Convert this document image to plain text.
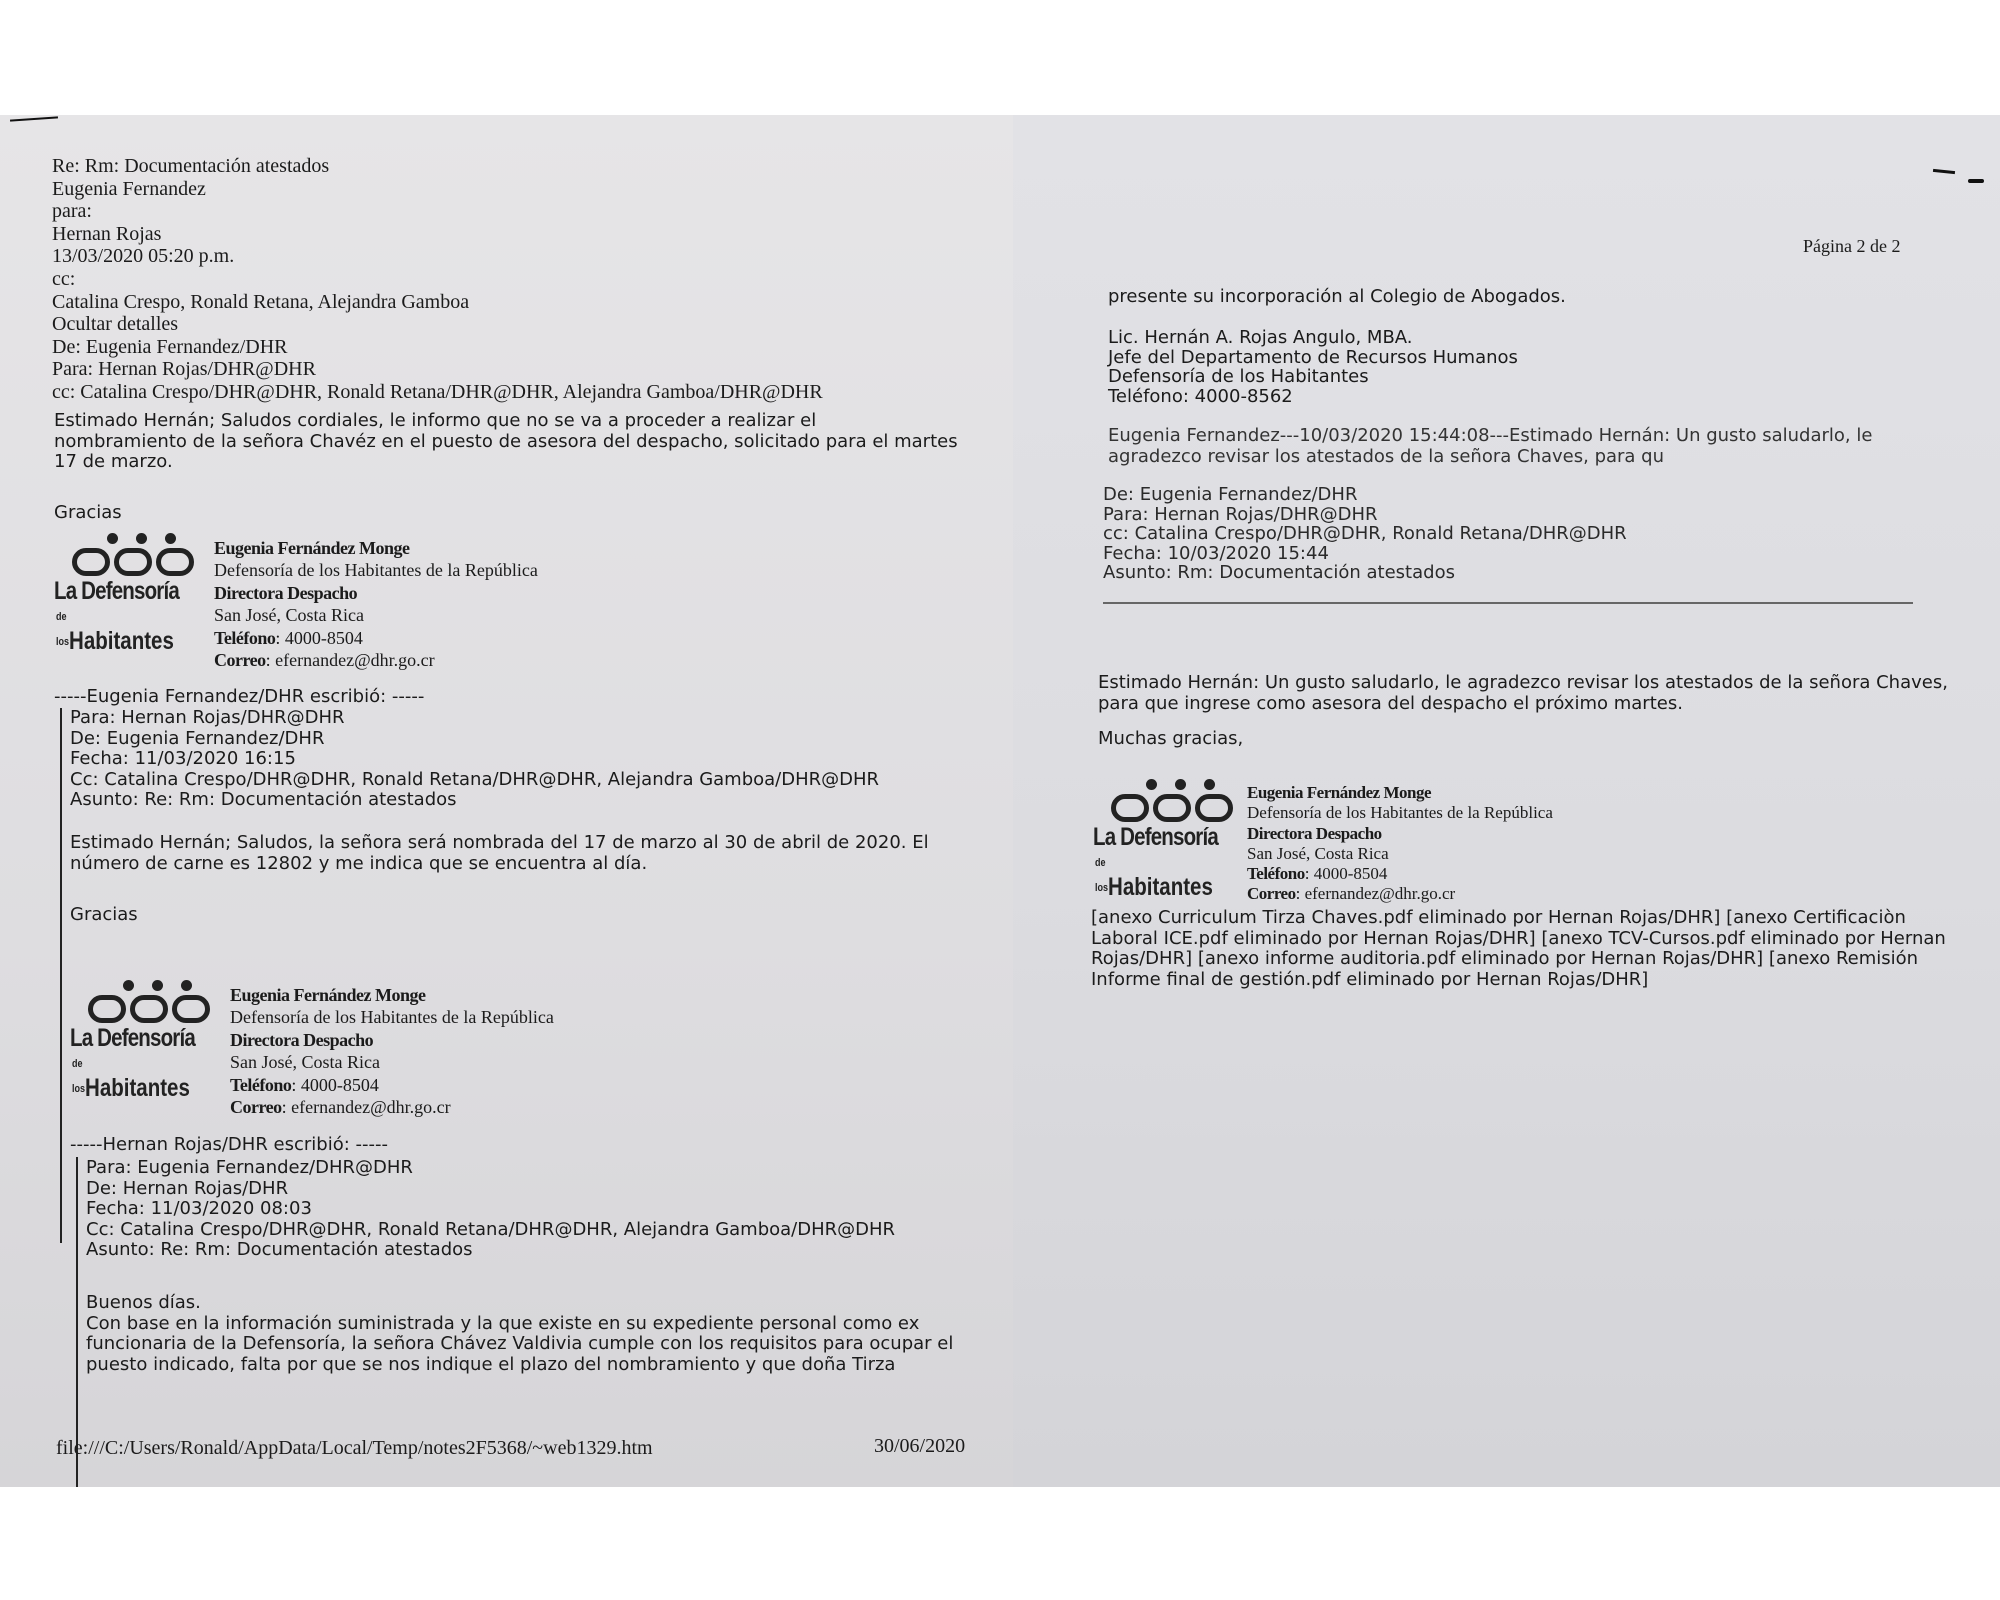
Re: Rm: Documentación atestados
Eugenia Fernandez
para:
Hernan Rojas
13/03/2020 05:20 p.m.
cc:
Catalina Crespo, Ronald Retana, Alejandra Gamboa
Ocultar detalles
De: Eugenia Fernandez/DHR
Para: Hernan Rojas/DHR@DHR
cc: Catalina Crespo/DHR@DHR, Ronald Retana/DHR@DHR, Alejandra Gamboa/DHR@DHR
Estimado Hernán; Saludos cordiales, le informo que no se va a proceder a realizar el
nombramiento de la señora Chavéz en el puesto de asesora del despacho, solicitado para el martes
17 de marzo.
Gracias
La Defensoría
de losHabitantes
Eugenia Fernández Monge
Defensoría de los Habitantes de la República
Directora Despacho
San José, Costa Rica
Teléfono: 4000-8504
Correo: efernandez@dhr.go.cr
-----Eugenia Fernandez/DHR escribió: -----
Para: Hernan Rojas/DHR@DHR
De: Eugenia Fernandez/DHR
Fecha: 11/03/2020 16:15
Cc: Catalina Crespo/DHR@DHR, Ronald Retana/DHR@DHR, Alejandra Gamboa/DHR@DHR
Asunto: Re: Rm: Documentación atestados
Estimado Hernán; Saludos, la señora será nombrada del 17 de marzo al 30 de abril de 2020. El
número de carne es 12802 y me indica que se encuentra al día.
Gracias
La Defensoría
de losHabitantes
Eugenia Fernández Monge
Defensoría de los Habitantes de la República
Directora Despacho
San José, Costa Rica
Teléfono: 4000-8504
Correo: efernandez@dhr.go.cr
-----Hernan Rojas/DHR escribió: -----
Para: Eugenia Fernandez/DHR@DHR
De: Hernan Rojas/DHR
Fecha: 11/03/2020 08:03
Cc: Catalina Crespo/DHR@DHR, Ronald Retana/DHR@DHR, Alejandra Gamboa/DHR@DHR
Asunto: Re: Rm: Documentación atestados
Buenos días.
Con base en la información suministrada y la que existe en su expediente personal como ex
funcionaria de la Defensoría, la señora Chávez Valdivia cumple con los requisitos para ocupar el
puesto indicado, falta por que se nos indique el plazo del nombramiento y que doña Tirza
file:///C:/Users/Ronald/AppData/Local/Temp/notes2F5368/~web1329.htm	30/06/2020
Página 2 de 2
presente su incorporación al Colegio de Abogados.
Lic. Hernán A. Rojas Angulo, MBA.
Jefe del Departamento de Recursos Humanos
Defensoría de los Habitantes
Teléfono: 4000-8562
Eugenia Fernandez---10/03/2020 15:44:08---Estimado Hernán: Un gusto saludarlo, le
agradezco revisar los atestados de la señora Chaves, para qu
De: Eugenia Fernandez/DHR
Para: Hernan Rojas/DHR@DHR
cc: Catalina Crespo/DHR@DHR, Ronald Retana/DHR@DHR
Fecha: 10/03/2020 15:44
Asunto: Rm: Documentación atestados
Estimado Hernán: Un gusto saludarlo, le agradezco revisar los atestados de la señora Chaves,
para que ingrese como asesora del despacho el próximo martes.
Muchas gracias,
La Defensoría
de losHabitantes
Eugenia Fernández Monge
Defensoría de los Habitantes de la República
Directora Despacho
San José, Costa Rica
Teléfono: 4000-8504
Correo: efernandez@dhr.go.cr
[anexo Curriculum Tirza Chaves.pdf eliminado por Hernan Rojas/DHR] [anexo Certificaciòn
Laboral ICE.pdf eliminado por Hernan Rojas/DHR] [anexo TCV-Cursos.pdf eliminado por Hernan
Rojas/DHR] [anexo informe auditoria.pdf eliminado por Hernan Rojas/DHR] [anexo Remisión
Informe final de gestión.pdf eliminado por Hernan Rojas/DHR]
